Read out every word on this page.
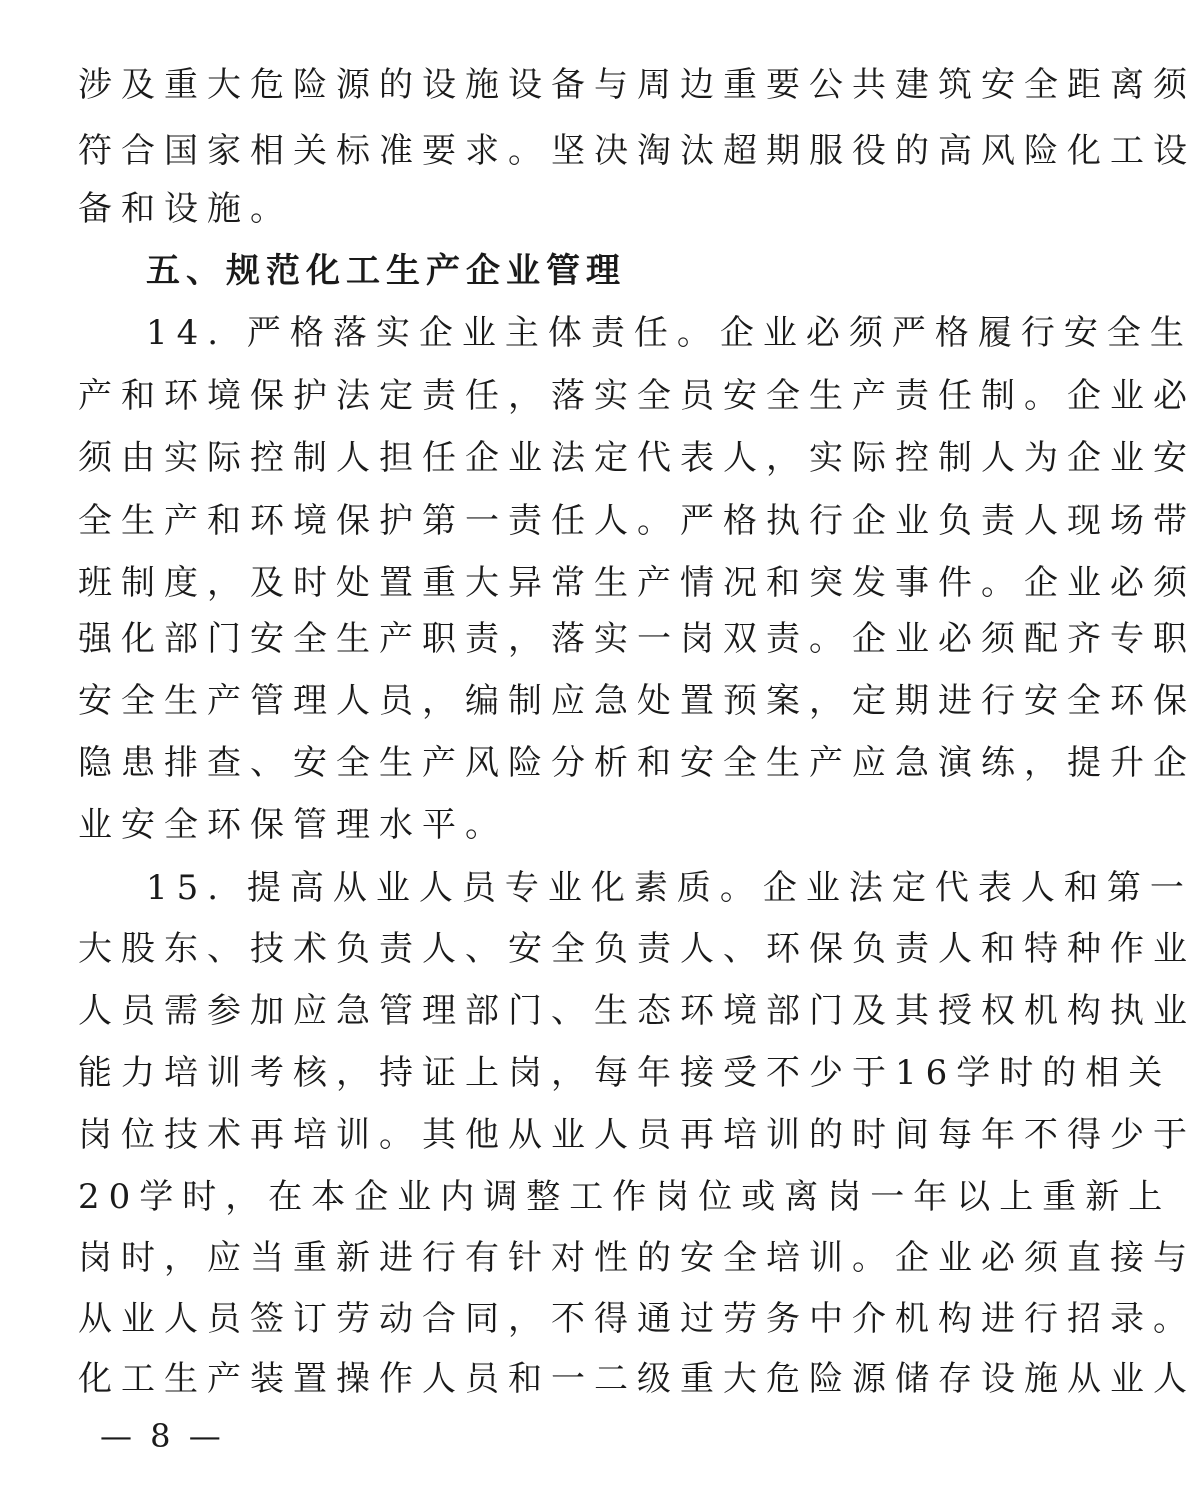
涉及重大危险源的设施设备与周边重要公共建筑安全距离须
符合国家相关标准要求。坚决淘汰超期服役的高风险化工设
备和设施。
五、规范化工生产企业管理
14. 严格落实企业主体责任。企业必须严格履行安全生
产和环境保护法定责任，落实全员安全生产责任制。企业必
须由实际控制人担任企业法定代表人，实际控制人为企业安
全生产和环境保护第一责任人。严格执行企业负责人现场带
班制度，及时处置重大异常生产情况和突发事件。企业必须
强化部门安全生产职责，落实一岗双责。企业必须配齐专职
安全生产管理人员，编制应急处置预案，定期进行安全环保
隐患排查、安全生产风险分析和安全生产应急演练，提升企
业安全环保管理水平。
15. 提高从业人员专业化素质。企业法定代表人和第一
大股东、技术负责人、安全负责人、环保负责人和特种作业
人员需参加应急管理部门、生态环境部门及其授权机构执业
能力培训考核，持证上岗，每年接受不少于16学时的相关
岗位技术再培训。其他从业人员再培训的时间每年不得少于
20学时，在本企业内调整工作岗位或离岗一年以上重新上
岗时，应当重新进行有针对性的安全培训。企业必须直接与
从业人员签订劳动合同，不得通过劳务中介机构进行招录。
化工生产装置操作人员和一二级重大危险源储存设施从业人
— 8 —
